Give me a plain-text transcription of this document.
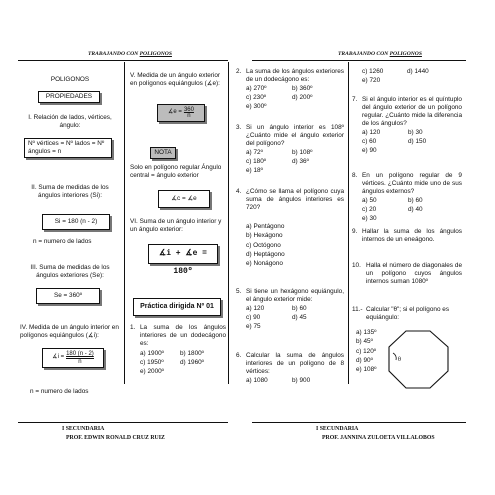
TRABAJANDO CON POLIGONOS	TRABAJANDO CON POLIGONOS
POLIGONOS
PROPIEDADES
I. Relación de lados, vértices, ángulo:
Nº vértices = Nº lados = Nº ángulos = n
II. Suma de medidas de los ángulos interiores (Si):
Si = 180 (n - 2)
n = numero de lados
III. Suma de medidas de los ángulos exteriores (Se):
Se = 360º
IV. Medida de un ángulo interior en polígonos equiángulos (∡i):
∡i = $\frac{180 (n - 2)}{n}$
n = numero de lados
V. Medida de un ángulo exterior en polígonos equiángulos (∡e):
∡e = $\frac{360}{n}$
NOTA
Solo en polígono regular Ángulo central = ángulo exterior
∡c = ∡e
VI. Suma de un ángulo interior y un ángulo exterior:
∡i + ∡e = 180º
Práctica dirigida Nº 01
1. La suma de los ángulos interiores de un dodecágono es:
a) 1900º	b) 1800º
c) 1950º	d) 1960º
e) 2000º
2. La suma de los ángulos exteriores de un dodecágono es:
a) 270º	b) 360º
c) 230º	d) 200º
e) 300º
3. Si un ángulo interior es 108º ¿Cuánto mide el ángulo exterior del polígono?
a) 72º	b) 108º
c) 180º	d) 36º
e) 18º
4. ¿Cómo se llama el polígono cuya suma de ángulos interiores es 720?
a) Pentágono
b) Hexágono
c) Octógono
d) Heptágono
e) Nonágono
5. Si tiene un hexágono equiángulo, el ángulo exterior mide:
a) 120	b) 60
c) 90	d) 45
e) 75
6. Calcular la suma de ángulos interiores de un polígono de 8 vértices:
a) 1080	b) 900
c) 1260	d) 1440
e) 720
7. Si el ángulo interior es el quíntuplo del ángulo exterior de un polígono regular. ¿Cuánto mide la diferencia de los ángulos?
a) 120	b) 30
c) 60	d) 150
e) 90
8. En un polígono regular de 9 vértices. ¿Cuánto mide uno de sus ángulos externos?
a) 50	b) 60
c) 20	d) 40
e) 30
9. Hallar la suma de los ángulos internos de un eneágono.
10. Halla el número de diagonales de un polígono cuyos ángulos internos suman 1080º
11.- Calcular "θ"; si el polígono es equiángulo:
a) 135º
b) 45º
c) 120º
d) 90º
e) 108º
θ
I SECUNDARIA
PROF. EDWIN RONALD CRUZ RUIZ
I SECUNDARIA
PROF. JANNINA ZULOETA VILLALOBOS
